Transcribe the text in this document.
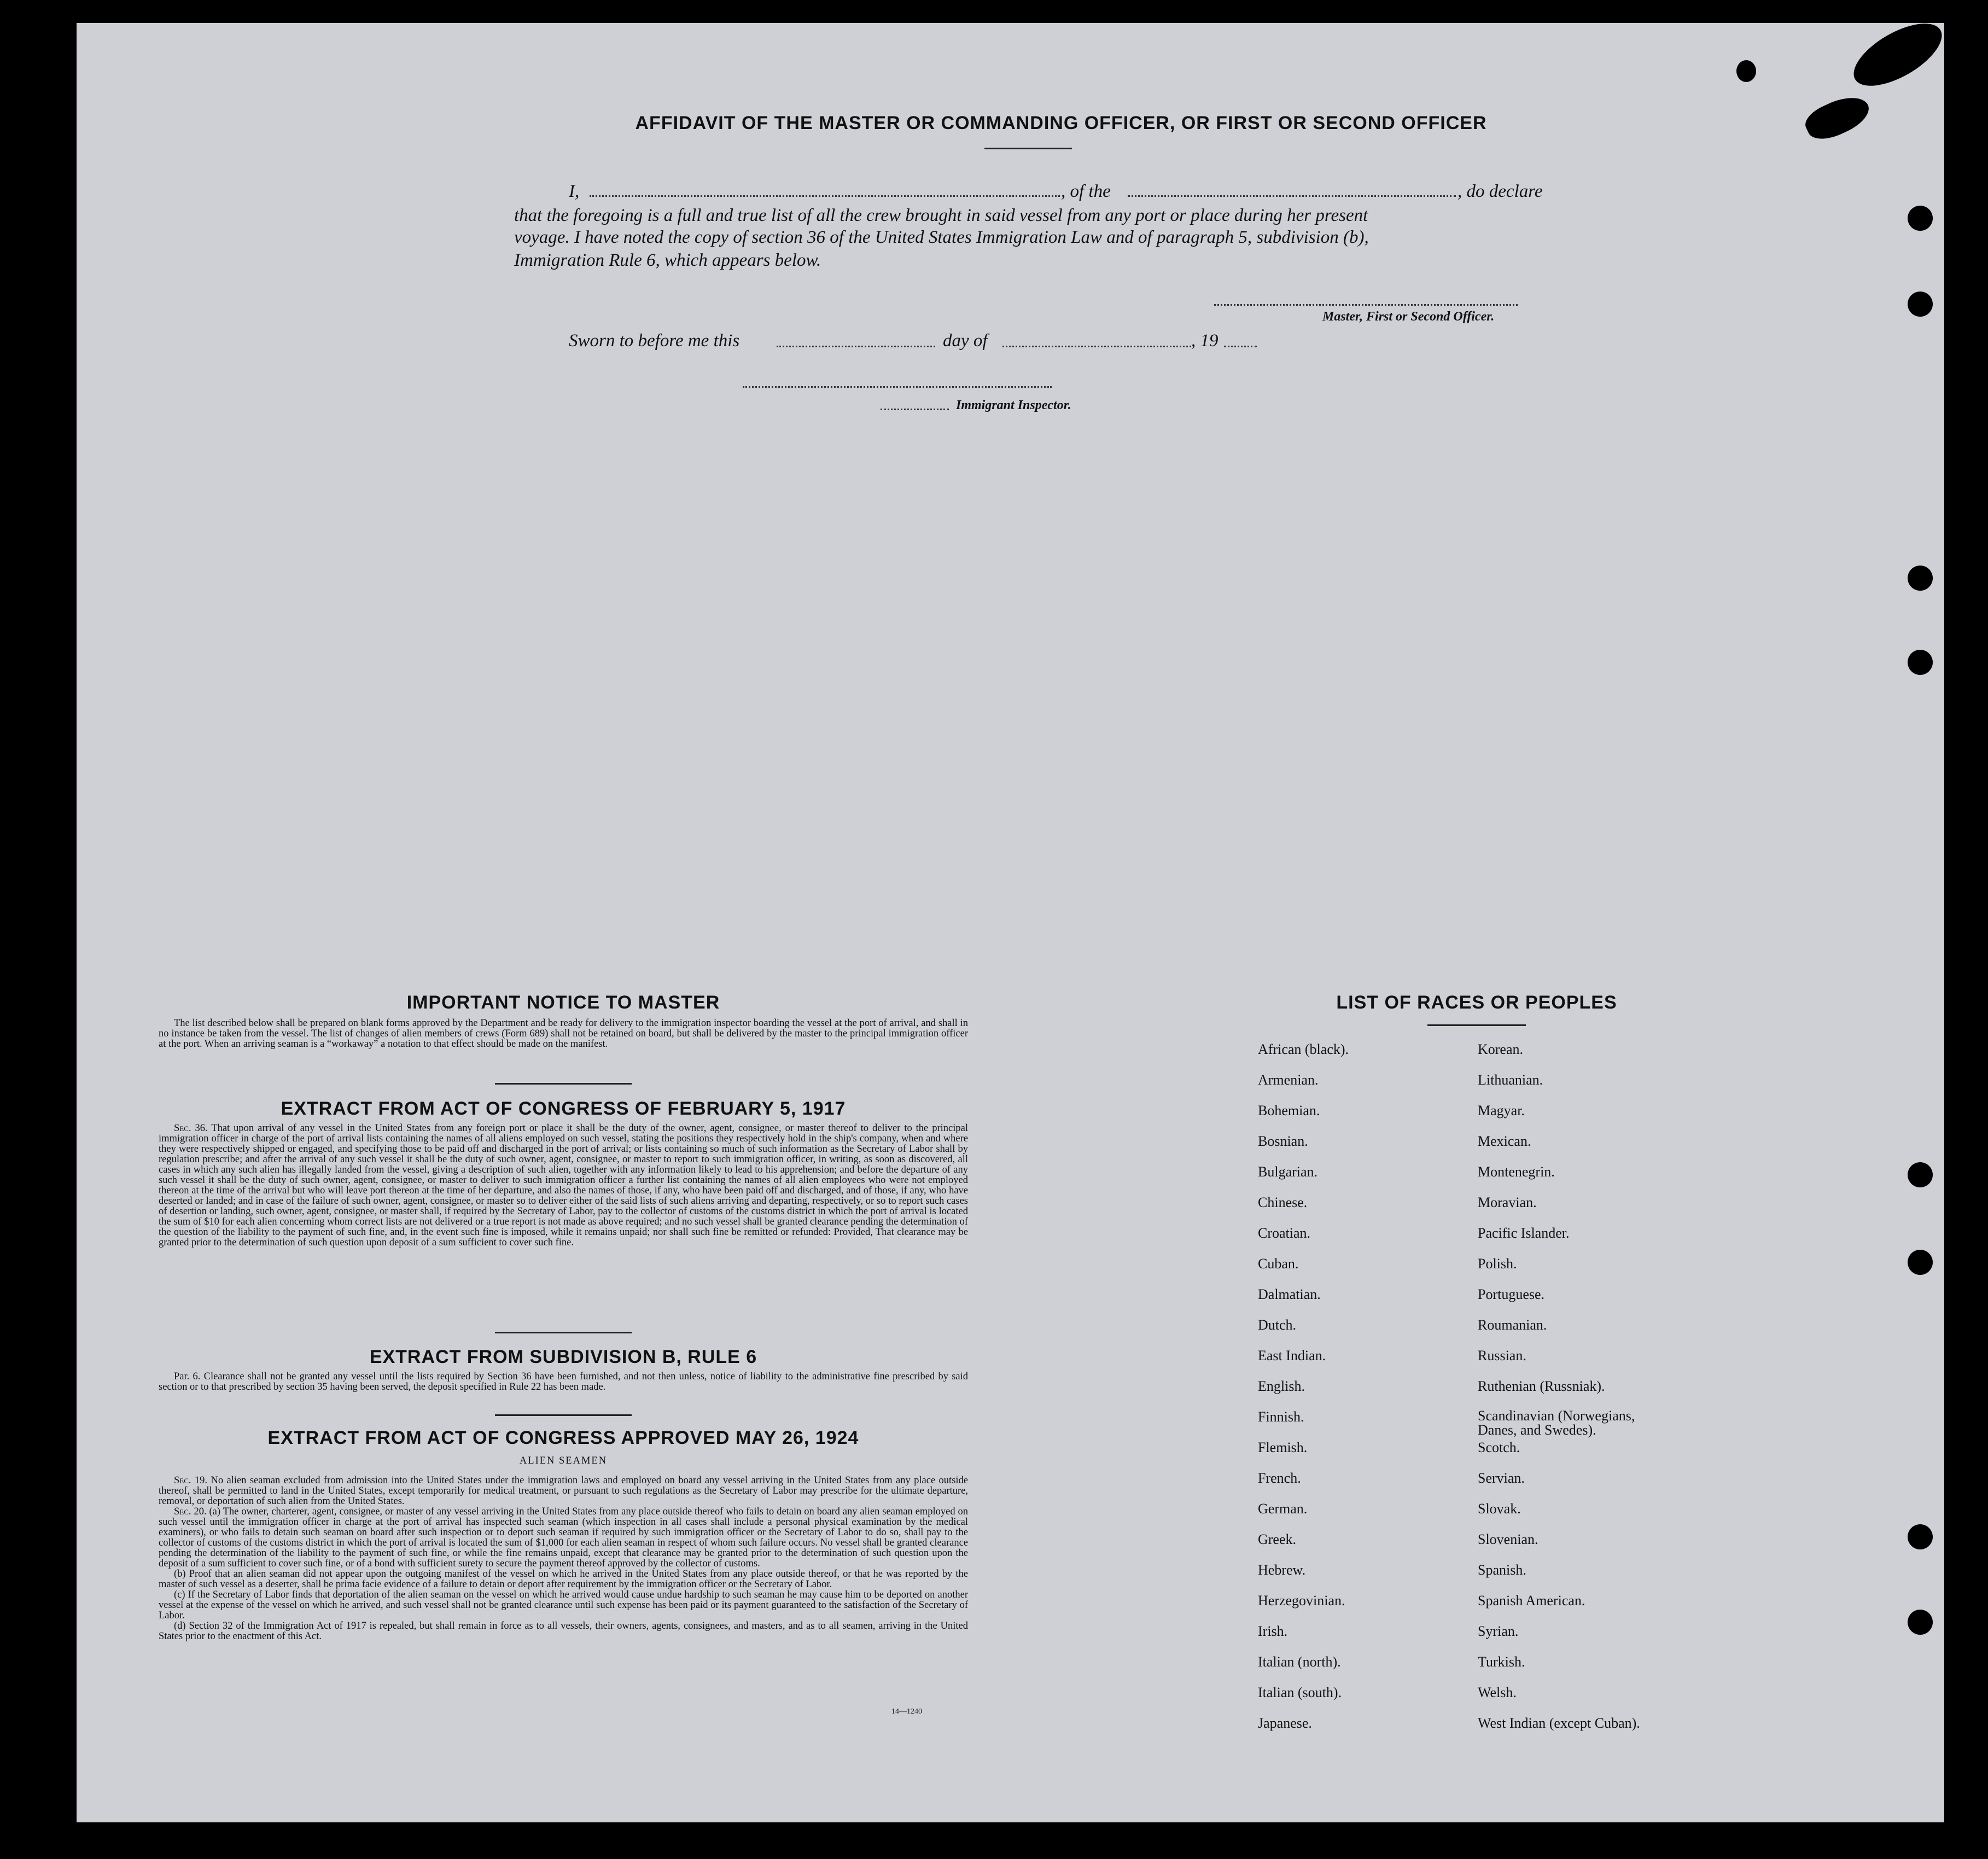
AFFIDAVIT OF THE MASTER OR COMMANDING OFFICER, OR FIRST OR SECOND OFFICER
I,	, of the	, do declare
that the foregoing is a full and true list of all the crew brought in said vessel from any port or place during her present
voyage. I have noted the copy of section 36 of the United States Immigration Law and of paragraph 5, subdivision (b),
Immigration Rule 6, which appears below.
Master, First or Second Officer.
Sworn to before me this	day of	, 19
Immigrant Inspector.
IMPORTANT NOTICE TO MASTER

The list described below shall be prepared on blank forms approved by the Department and be ready for delivery to the immigration inspector boarding the vessel at the port of arrival, and shall in no instance be taken from the vessel. The list of changes of alien members of crews (Form 689) shall not be retained on board, but shall be delivered by the master to the principal immigration officer at the port. When an arriving seaman is a “workaway” a notation to that effect should be made on the manifest.

EXTRACT FROM ACT OF CONGRESS OF FEBRUARY 5, 1917

Sec. 36. That upon arrival of any vessel in the United States from any foreign port or place it shall be the duty of the owner, agent, consignee, or master thereof to deliver to the principal immigration officer in charge of the port of arrival lists containing the names of all aliens employed on such vessel, stating the positions they respectively hold in the ship's company, when and where they were respectively shipped or engaged, and specifying those to be paid off and discharged in the port of arrival; or lists containing so much of such information as the Secretary of Labor shall by regulation prescribe; and after the arrival of any such vessel it shall be the duty of such owner, agent, consignee, or master to report to such immigration officer, in writing, as soon as discovered, all cases in which any such alien has illegally landed from the vessel, giving a description of such alien, together with any information likely to lead to his apprehension; and before the departure of any such vessel it shall be the duty of such owner, agent, consignee, or master to deliver to such immigration officer a further list containing the names of all alien employees who were not employed thereon at the time of the arrival but who will leave port thereon at the time of her departure, and also the names of those, if any, who have been paid off and discharged, and of those, if any, who have deserted or landed; and in case of the failure of such owner, agent, consignee, or master so to deliver either of the said lists of such aliens arriving and departing, respectively, or so to report such cases of desertion or landing, such owner, agent, consignee, or master shall, if required by the Secretary of Labor, pay to the collector of customs of the customs district in which the port of arrival is located the sum of $10 for each alien concerning whom correct lists are not delivered or a true report is not made as above required; and no such vessel shall be granted clearance pending the determination of the question of the liability to the payment of such fine, and, in the event such fine is imposed, while it remains unpaid; nor shall such fine be remitted or refunded: Provided, That clearance may be granted prior to the determination of such question upon deposit of a sum sufficient to cover such fine.

EXTRACT FROM SUBDIVISION B, RULE 6

Par. 6. Clearance shall not be granted any vessel until the lists required by Section 36 have been furnished, and not then unless, notice of liability to the administrative fine prescribed by said section or to that prescribed by section 35 having been served, the deposit specified in Rule 22 has been made.

EXTRACT FROM ACT OF CONGRESS APPROVED MAY 26, 1924
ALIEN SEAMEN

Sec. 19. No alien seaman excluded from admission into the United States under the immigration laws and employed on board any vessel arriving in the United States from any place outside thereof, shall be permitted to land in the United States, except temporarily for medical treatment, or pursuant to such regulations as the Secretary of Labor may prescribe for the ultimate departure, removal, or deportation of such alien from the United States.

Sec. 20. (a) The owner, charterer, agent, consignee, or master of any vessel arriving in the United States from any place outside thereof who fails to detain on board any alien seaman employed on such vessel until the immigration officer in charge at the port of arrival has inspected such seaman (which inspection in all cases shall include a personal physical examination by the medical examiners), or who fails to detain such seaman on board after such inspection or to deport such seaman if required by such immigration officer or the Secretary of Labor to do so, shall pay to the collector of customs of the customs district in which the port of arrival is located the sum of $1,000 for each alien seaman in respect of whom such failure occurs. No vessel shall be granted clearance pending the determination of the liability to the payment of such fine, or while the fine remains unpaid, except that clearance may be granted prior to the determination of such question upon the deposit of a sum sufficient to cover such fine, or of a bond with sufficient surety to secure the payment thereof approved by the collector of customs.

(b) Proof that an alien seaman did not appear upon the outgoing manifest of the vessel on which he arrived in the United States from any place outside thereof, or that he was reported by the master of such vessel as a deserter, shall be prima facie evidence of a failure to detain or deport after requirement by the immigration officer or the Secretary of Labor.

(c) If the Secretary of Labor finds that deportation of the alien seaman on the vessel on which he arrived would cause undue hardship to such seaman he may cause him to be deported on another vessel at the expense of the vessel on which he arrived, and such vessel shall not be granted clearance until such expense has been paid or its payment guaranteed to the satisfaction of the Secretary of Labor.

(d) Section 32 of the Immigration Act of 1917 is repealed, but shall remain in force as to all vessels, their owners, agents, consignees, and masters, and as to all seamen, arriving in the United States prior to the enactment of this Act.

14—1240
LIST OF RACES OR PEOPLES
African (black).
Armenian.
Bohemian.
Bosnian.
Bulgarian.
Chinese.
Croatian.
Cuban.
Dalmatian.
Dutch.
East Indian.
English.
Finnish.
Flemish.
French.
German.
Greek.
Hebrew.
Herzegovinian.
Irish.
Italian (north).
Italian (south).
Japanese.
Korean.
Lithuanian.
Magyar.
Mexican.
Montenegrin.
Moravian.
Pacific Islander.
Polish.
Portuguese.
Roumanian.
Russian.
Ruthenian (Russniak).
Scandinavian (Norwegians, Danes, and Swedes).
Scotch.
Servian.
Slovak.
Slovenian.
Spanish.
Spanish American.
Syrian.
Turkish.
Welsh.
West Indian (except Cuban).
